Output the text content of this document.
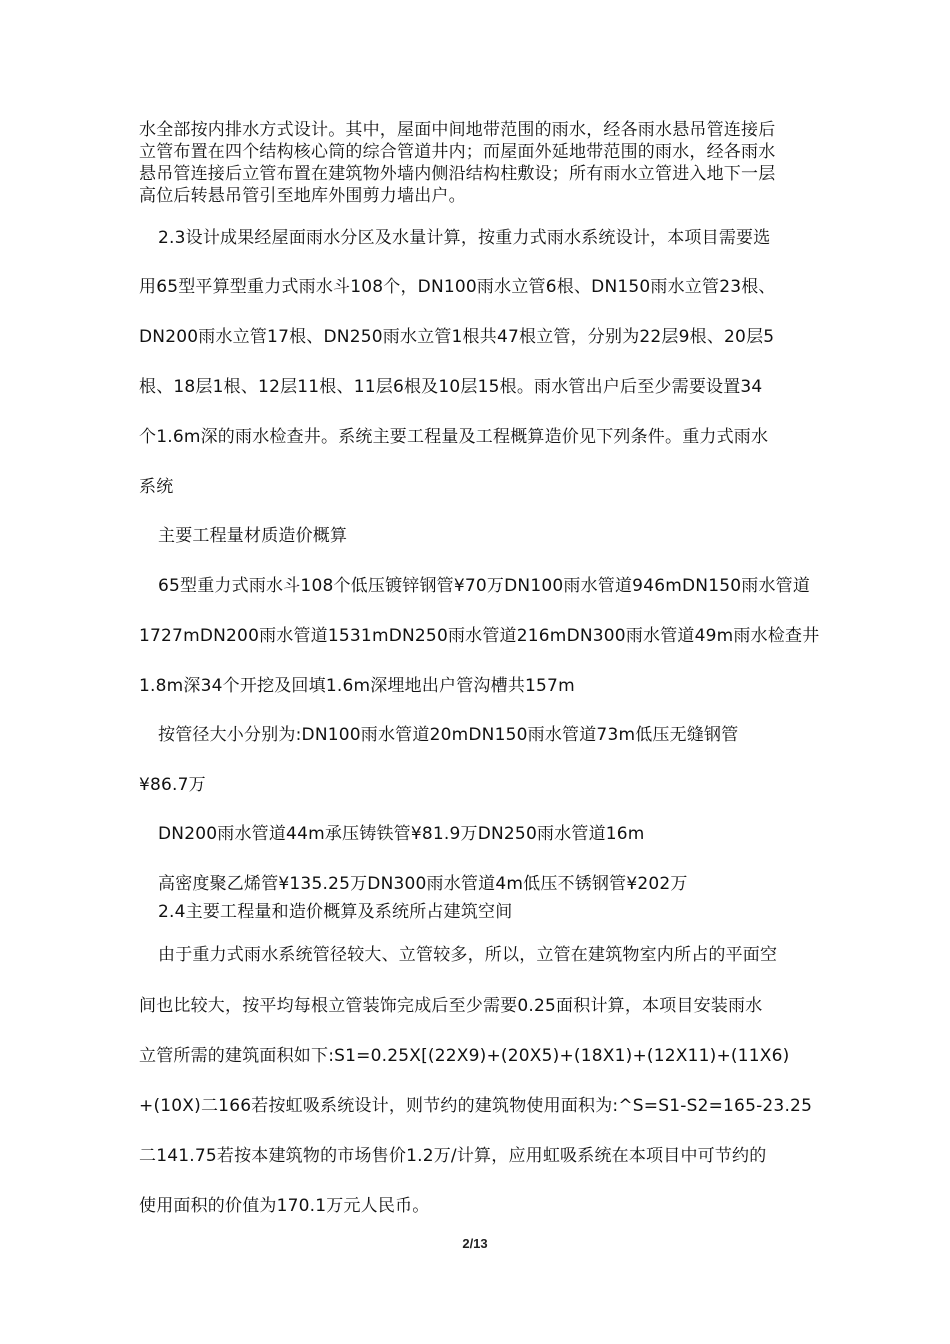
水全部按内排水方式设计。其中，屋面中间地带范围的雨水，经各雨水悬吊管连接后
立管布置在四个结构核心筒的综合管道井内；而屋面外延地带范围的雨水，经各雨水
悬吊管连接后立管布置在建筑物外墙内侧沿结构柱敷设；所有雨水立管进入地下一层
高位后转悬吊管引至地库外围剪力墙出户。
2.3设计成果经屋面雨水分区及水量计算，按重力式雨水系统设计，本项目需要选
用65型平算型重力式雨水斗108个，DN100雨水立管6根、DN150雨水立管23根、
DN200雨水立管17根、DN250雨水立管1根共47根立管，分别为22层9根、20层5
根、18层1根、12层11根、11层6根及10层15根。雨水管出户后至少需要设置34
个1.6m深的雨水检查井。系统主要工程量及工程概算造价见下列条件。重力式雨水
系统
主要工程量材质造价概算
65型重力式雨水斗108个低压镀锌钢管¥70万DN100雨水管道946mDN150雨水管道
1727mDN200雨水管道1531mDN250雨水管道216mDN300雨水管道49m雨水检查井
1.8m深34个开挖及回填1.6m深埋地出户管沟槽共157m
按管径大小分别为:DN100雨水管道20mDN150雨水管道73m低压无缝钢管
¥86.7万
DN200雨水管道44m承压铸铁管¥81.9万DN250雨水管道16m
高密度聚乙烯管¥135.25万DN300雨水管道4m低压不锈钢管¥202万
2.4主要工程量和造价概算及系统所占建筑空间
由于重力式雨水系统管径较大、立管较多，所以，立管在建筑物室内所占的平面空
间也比较大，按平均每根立管装饰完成后至少需要0.25面积计算，本项目安装雨水
立管所需的建筑面积如下:S1=0.25X[(22X9)+(20X5)+(18X1)+(12X11)+(11X6)
+(10X)二166若按虹吸系统设计，则节约的建筑物使用面积为:^S=S1-S2=165-23.25
二141.75若按本建筑物的市场售价1.2万/计算，应用虹吸系统在本项目中可节约的
使用面积的价值为170.1万元人民币。
2/13
